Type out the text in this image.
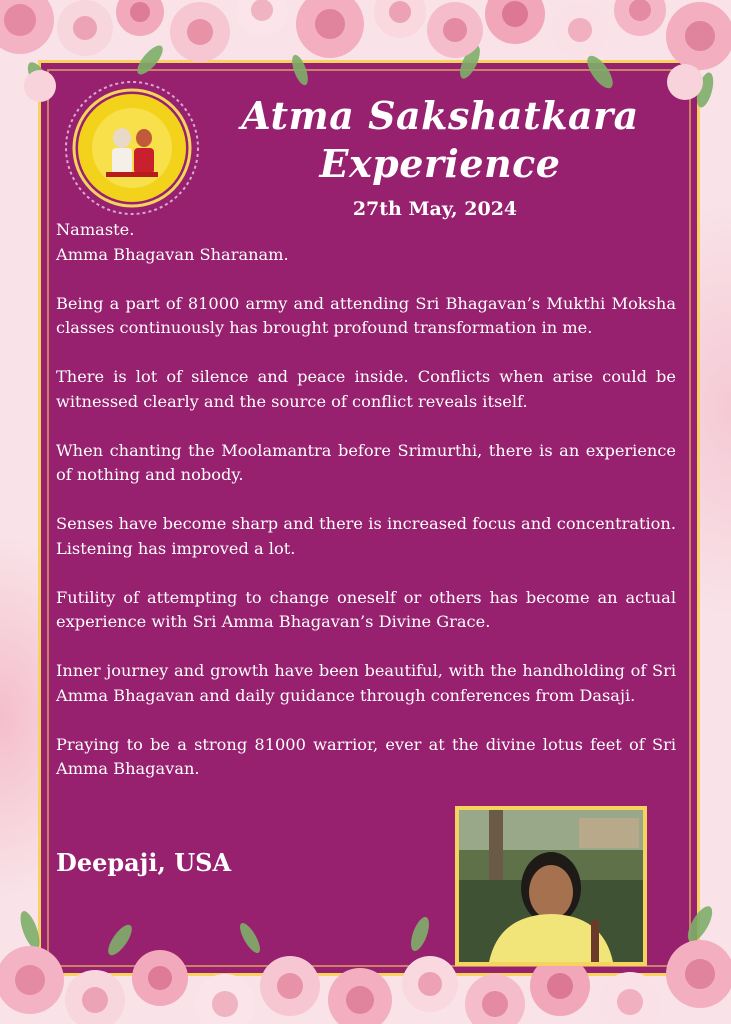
Atma Sakshatkara
Experience
27th May, 2024

Namaste.

Amma Bhagavan Sharanam.

Being a part of 81000 army and attending Sri Bhagavan’s Mukthi Moksha classes continuously has brought profound transformation in me.

There is lot of silence and peace inside. Conflicts when arise could be witnessed clearly and the source of conflict reveals itself.

When chanting the Moolamantra before Srimurthi, there is an experience of nothing and nobody.

Senses have become sharp and there is increased focus and concentration. Listening has improved a lot.

Futility of attempting to change oneself or others has become an actual experience with Sri Amma Bhagavan’s Divine Grace.

Inner journey and growth have been beautiful, with the handholding of Sri Amma Bhagavan and daily guidance through conferences from Dasaji.

Praying to be a strong 81000 warrior, ever at the divine lotus feet of Sri Amma Bhagavan.

Deepaji, USA
